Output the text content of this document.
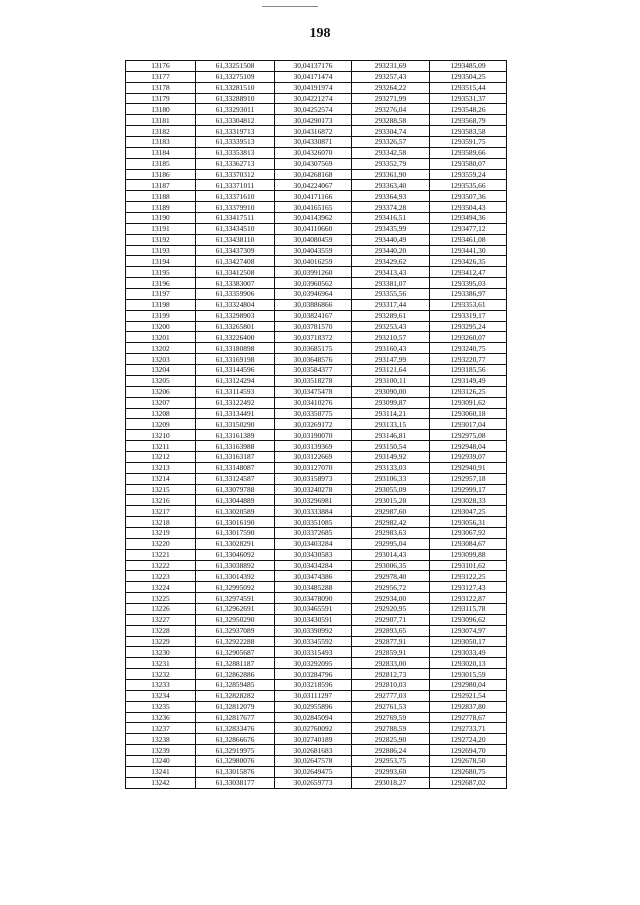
198
13176	61,33251508	30,04137176	293231,69	1293485,09
13177	61,33275109	30,04171474	293257,43	1293504,25
13178	61,33281510	30,04191974	293264,22	1293515,44
13179	61,33288910	30,04221274	293271,99	1293531,37
13180	61,33293011	30,04252574	293276,04	1293548,26
13181	61,33304812	30,04290173	293288,58	1293568,79
13182	61,33319713	30,04316872	293304,74	1293583,58
13183	61,33339513	30,04330871	293326,57	1293591,75
13184	61,33353813	30,04326070	293342,58	1293589,66
13185	61,33362713	30,04307569	293352,79	1293580,07
13186	61,33370312	30,04268168	293361,90	1293559,24
13187	61,33371011	30,04224067	293363,40	1293535,66
13188	61,33371610	30,04171166	293364,93	1293507,36
13189	61,33379910	30,04165165	293374,28	1293504,43
13190	61,33417511	30,04143962	293416,51	1293494,36
13191	61,33434510	30,04110660	293435,99	1293477,12
13192	61,33438110	30,04080459	293440,49	1293461,08
13193	61,33437309	30,04043559	293440,20	1293441,30
13194	61,33427408	30,04016259	293429,62	1293426,35
13195	61,33412508	30,03991260	293413,43	1293412,47
13196	61,33383007	30,03960562	293381,07	1293395,03
13197	61,33359906	30,03946964	293355,56	1293386,97
13198	61,33324804	30,03886866	293317,44	1293353,61
13199	61,33298903	30,03824167	293289,61	1293319,17
13200	61,33265801	30,03781570	293253,43	1293295,24
13201	61,33226400	30,03718372	293210,57	1293260,07
13202	61,33180898	30,03685175	293160,43	1293240,75
13203	61,33169198	30,03648576	293147,99	1293220,77
13204	61,33144596	30,03584377	293121,64	1293185,56
13205	61,33124294	30,03518278	293100,11	1293149,49
13206	61,33114593	30,03475478	293090,00	1293126,25
13207	61,33122492	30,03410276	293099,87	1293091,62
13208	61,33134491	30,03350775	293114,21	1293060,18
13209	61,33150290	30,03269172	293133,15	1293017,04
13210	61,33161389	30,03190070	293146,81	1292975,08
13211	61,33163988	30,03139369	293150,54	1292948,04
13212	61,33163187	30,03122669	293149,92	1292939,07
13213	61,33148087	30,03127070	293133,03	1292940,91
13214	61,33124587	30,03158973	293106,33	1292957,18
13215	61,33079788	30,03240278	293055,09	1292999,17
13216	61,33044889	30,03296981	293015,28	1293028,33
13217	61,33020589	30,03333884	292987,60	1293047,25
13218	61,33016190	30,03351085	292982,42	1293056,31
13219	61,33017590	30,03372685	292983,63	1293067,92
13220	61,33028291	30,03403284	292995,04	1293084,67
13221	61,33046092	30,03430583	293014,43	1293099,88
13222	61,33038892	30,03434284	293006,35	1293101,62
13223	61,33014392	30,03474386	292978,40	1293122,25
13224	61,32995092	30,03485288	292956,72	1293127,43
13225	61,32974591	30,03478090	292934,00	1293122,87
13226	61,32962691	30,03465591	292920,95	1293115,78
13227	61,32950290	30,03430591	292907,71	1293096,62
13228	61,32937089	30,03390992	292893,65	1293074,97
13229	61,32922288	30,03345592	292877,91	1293050,17
13230	61,32905687	30,03315493	292859,91	1293033,49
13231	61,32881187	30,03292095	292833,00	1293020,13
13232	61,32862886	30,03284796	292812,73	1293015,59
13233	61,32859485	30,03218596	292810,03	1292980,04
13234	61,32828282	30,03111297	292777,03	1292921,54
13235	61,32812079	30,02955896	292761,53	1292837,80
13236	61,32817677	30,02845094	292769,59	1292778,67
13237	61,32833476	30,02760092	292788,59	1292733,71
13238	61,32866676	30,02740189	292825,90	1292724,20
13239	61,32919975	30,02681683	292886,24	1292694,70
13240	61,32980076	30,02647578	292953,75	1292678,50
13241	61,33015876	30,02649475	292993,60	1292680,75
13242	61,33038177	30,02659773	293018,27	1292687,02
